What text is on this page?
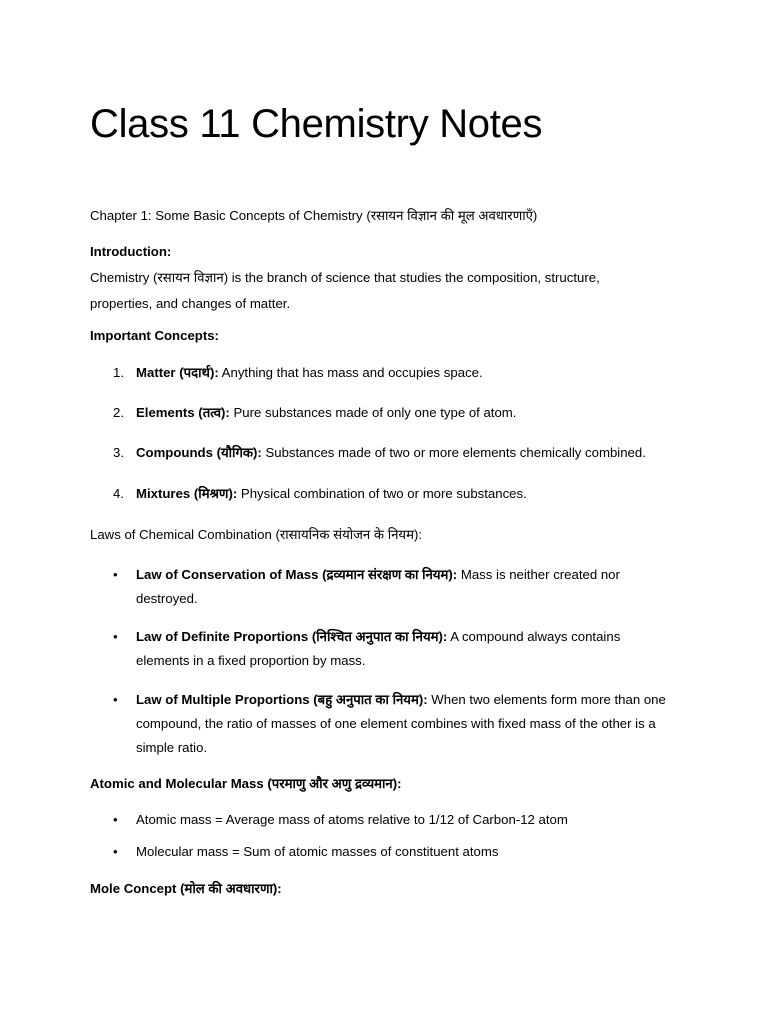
Class 11 Chemistry Notes
Chapter 1: Some Basic Concepts of Chemistry (रसायन विज्ञान की मूल अवधारणाएँ)
Introduction:
Chemistry (रसायन विज्ञान) is the branch of science that studies the composition, structure,
properties, and changes of matter.
Important Concepts:
1. Matter (पदार्थ): Anything that has mass and occupies space.
2. Elements (तत्व): Pure substances made of only one type of atom.
3. Compounds (यौगिक): Substances made of two or more elements chemically combined.
4. Mixtures (मिश्रण): Physical combination of two or more substances.
Laws of Chemical Combination (रासायनिक संयोजन के नियम):
• Law of Conservation of Mass (द्रव्यमान संरक्षण का नियम): Mass is neither created nor destroyed.
• Law of Definite Proportions (निश्चित अनुपात का नियम): A compound always contains elements in a fixed proportion by mass.
• Law of Multiple Proportions (बहु अनुपात का नियम): When two elements form more than one compound, the ratio of masses of one element combines with fixed mass of the other is a simple ratio.
Atomic and Molecular Mass (परमाणु और अणु द्रव्यमान):
• Atomic mass = Average mass of atoms relative to 1/12 of Carbon-12 atom
• Molecular mass = Sum of atomic masses of constituent atoms
Mole Concept (मोल की अवधारणा):
